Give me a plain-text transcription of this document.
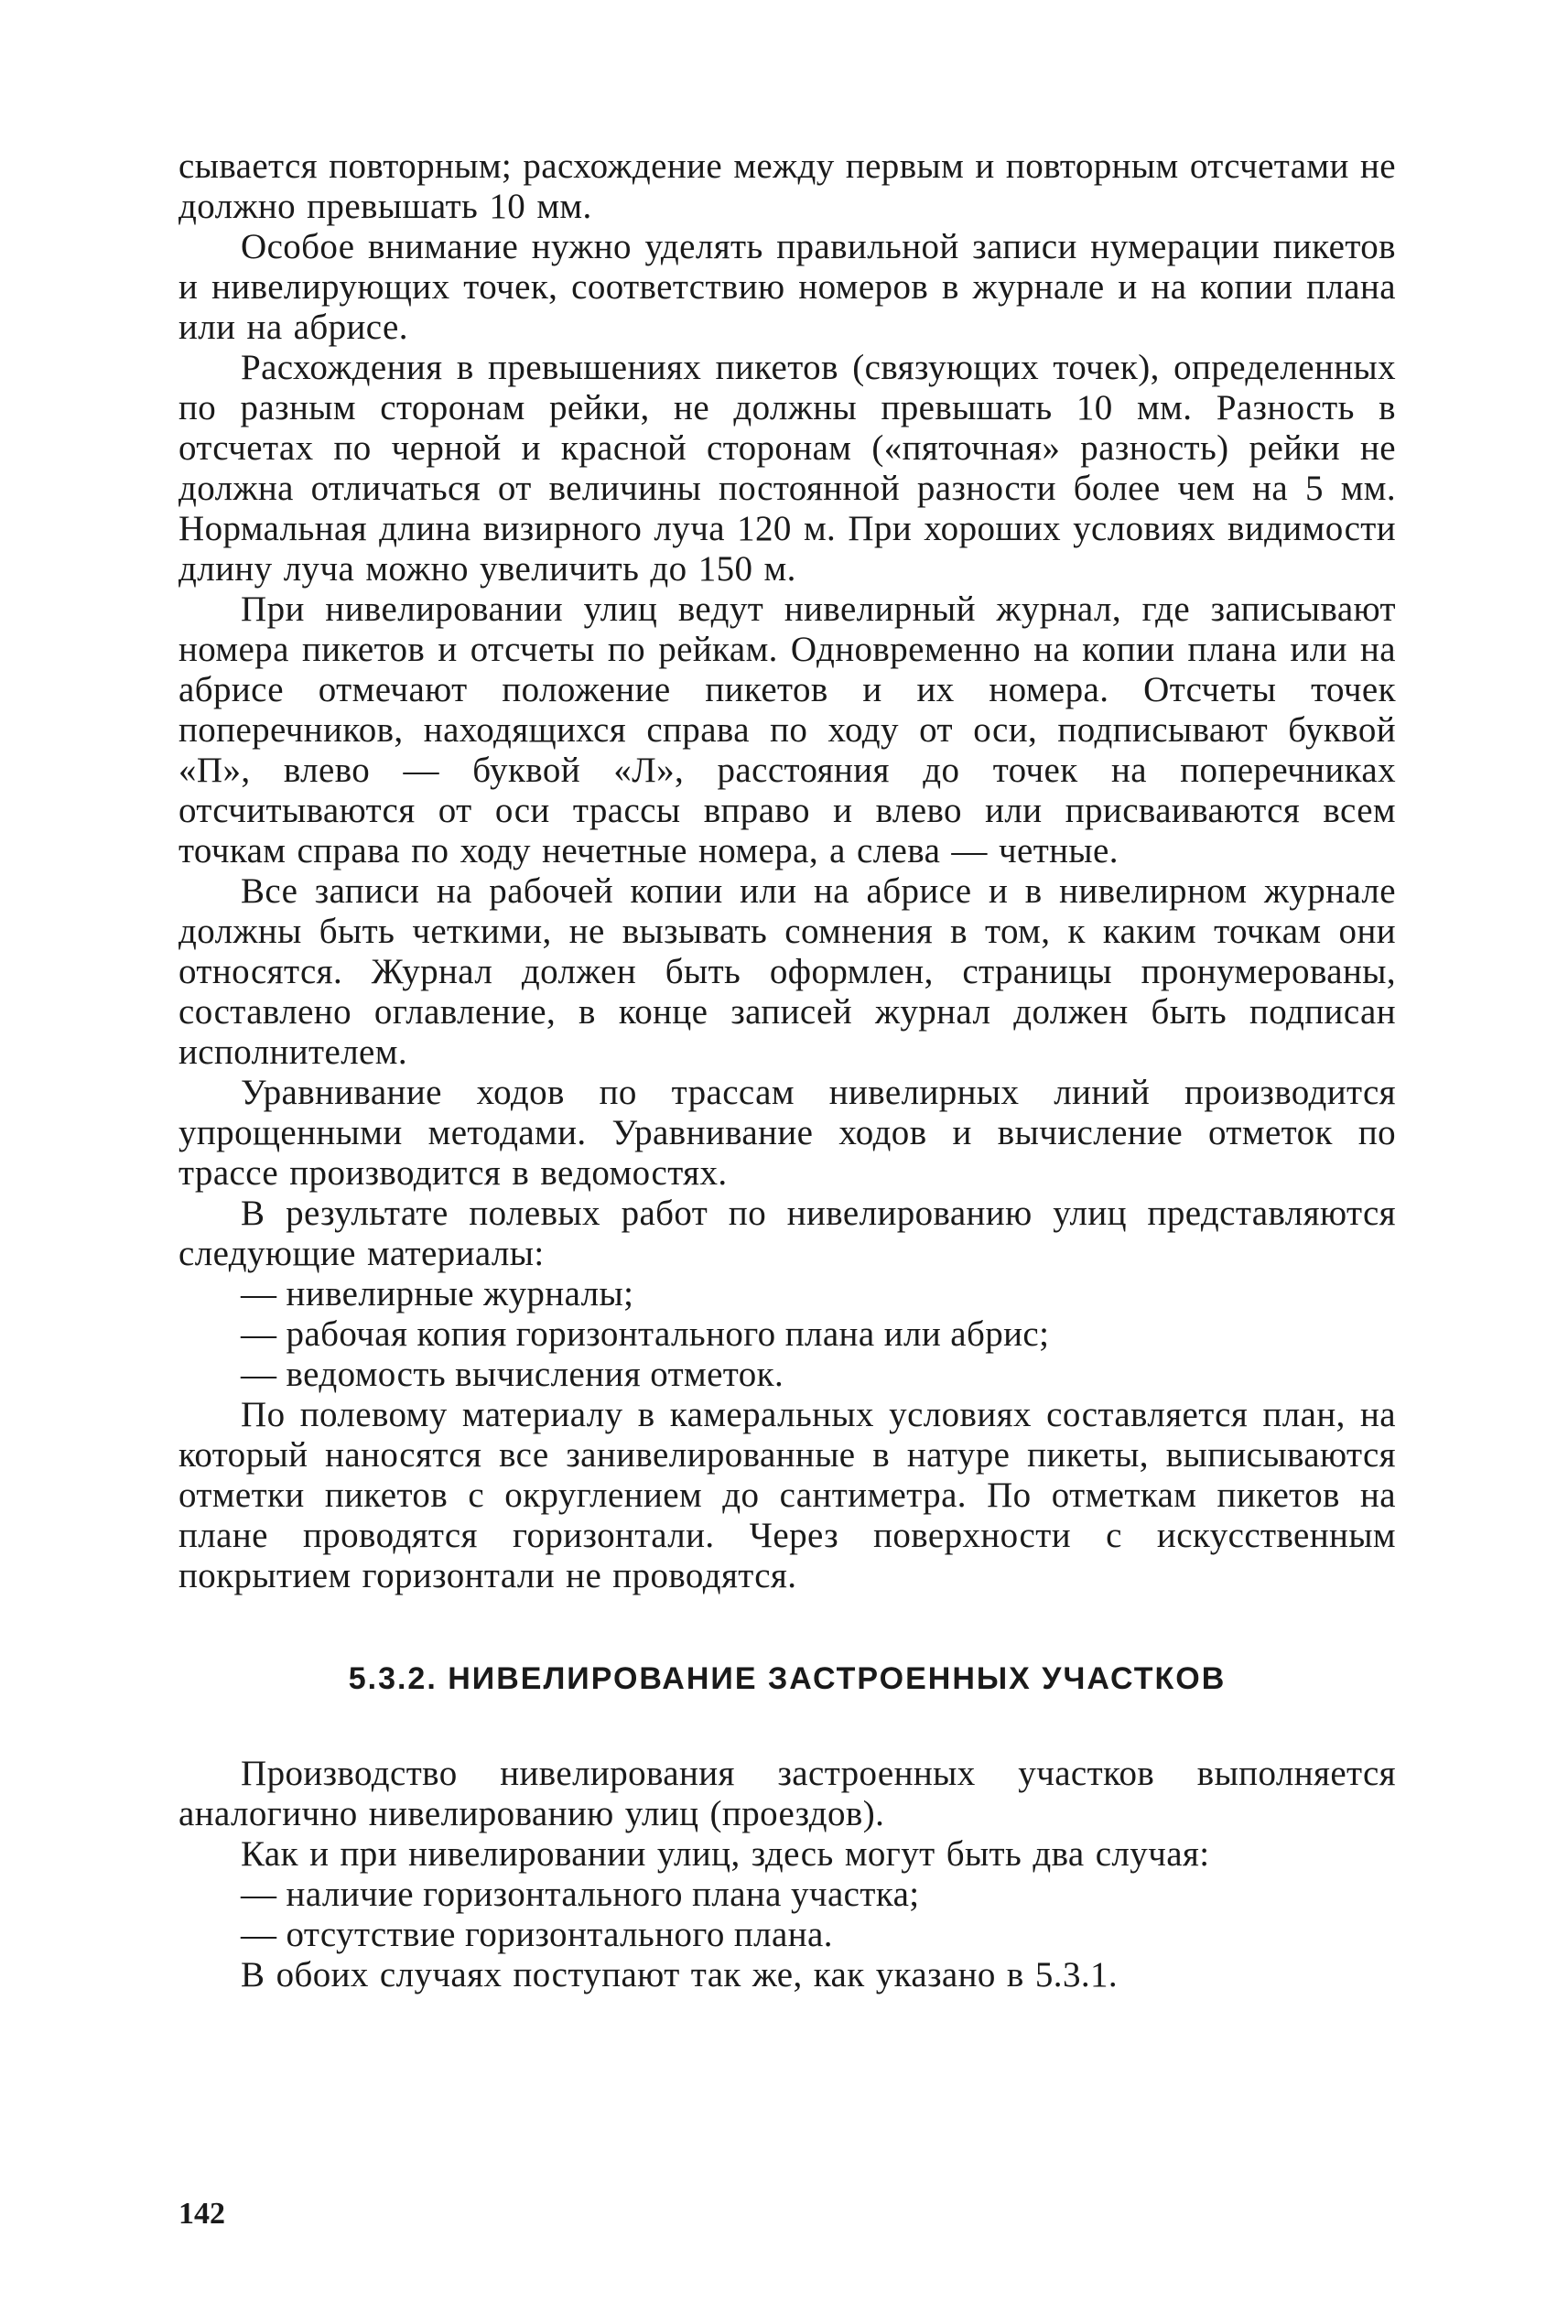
сывается повторным; расхождение между первым и повторным отсчетами не должно превышать 10 мм.

Особое внимание нужно уделять правильной записи нумерации пикетов и нивелирующих точек, соответствию номеров в журнале и на копии плана или на абрисе.

Расхождения в превышениях пикетов (связующих точек), определенных по разным сторонам рейки, не должны превышать 10 мм. Разность в отсчетах по черной и красной сторонам («пяточная» разность) рейки не должна отличаться от величины постоянной разности более чем на 5 мм. Нормальная длина визирного луча 120 м. При хороших условиях видимости длину луча можно увеличить до 150 м.

При нивелировании улиц ведут нивелирный журнал, где записывают номера пикетов и отсчеты по рейкам. Одновременно на копии плана или на абрисе отмечают положение пикетов и их номера. Отсчеты точек поперечников, находящихся справа по ходу от оси, подписывают буквой «П», влево — буквой «Л», расстояния до точек на поперечниках отсчитываются от оси трассы вправо и влево или присваиваются всем точкам справа по ходу нечетные номера, а слева — четные.

Все записи на рабочей копии или на абрисе и в нивелирном журнале должны быть четкими, не вызывать сомнения в том, к каким точкам они относятся. Журнал должен быть оформлен, страницы пронумерованы, составлено оглавление, в конце записей журнал должен быть подписан исполнителем.

Уравнивание ходов по трассам нивелирных линий производится упрощенными методами. Уравнивание ходов и вычисление отметок по трассе производится в ведомостях.

В результате полевых работ по нивелированию улиц представляются следующие материалы:

— нивелирные журналы;

— рабочая копия горизонтального плана или абрис;

— ведомость вычисления отметок.

По полевому материалу в камеральных условиях составляется план, на который наносятся все занивелированные в натуре пикеты, выписываются отметки пикетов с округлением до сантиметра. По отметкам пикетов на плане проводятся горизонтали. Через поверхности с искусственным покрытием горизонтали не проводятся.

5.3.2. НИВЕЛИРОВАНИЕ ЗАСТРОЕННЫХ УЧАСТКОВ

Производство нивелирования застроенных участков выполняется аналогично нивелированию улиц (проездов).

Как и при нивелировании улиц, здесь могут быть два случая:

— наличие горизонтального плана участка;

— отсутствие горизонтального плана.

В обоих случаях поступают так же, как указано в 5.3.1.

142
